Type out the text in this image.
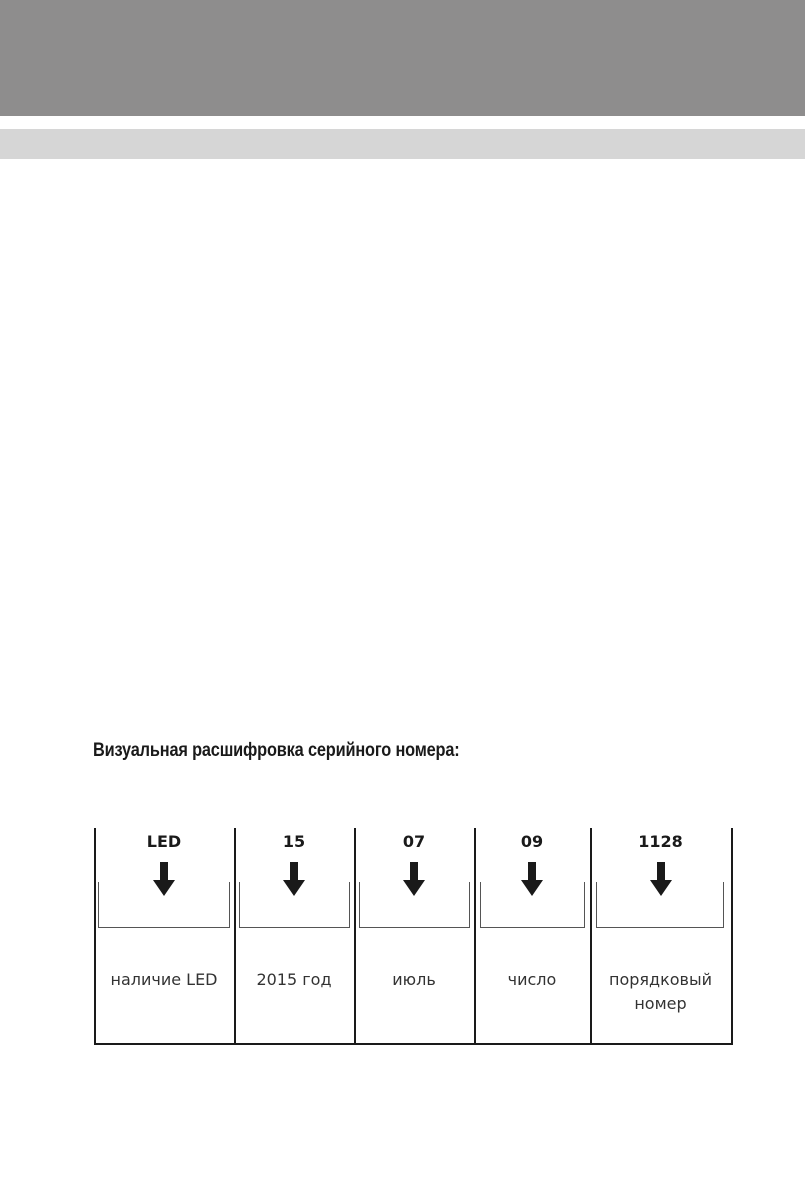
Визуальная расшифровка серийного номера:
LED
наличие LED
15
2015 год
07
июль
09
число
1128
порядковый номер
